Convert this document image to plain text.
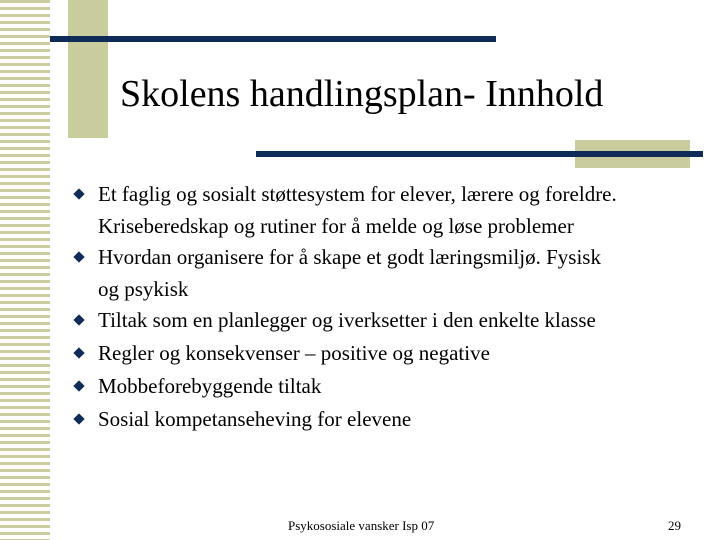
Skolens handlingsplan- Innhold
Et faglig og sosialt støttesystem for elever, lærere og foreldre.
Kriseberedskap og rutiner for å melde og løse problemer
Hvordan organisere for å skape et godt læringsmiljø. Fysisk
og psykisk
Tiltak som en planlegger og iverksetter i den enkelte klasse
Regler og konsekvenser – positive og negative
Mobbeforebyggende tiltak
Sosial kompetanseheving for elevene
Psykososiale vansker Isp 07	29
